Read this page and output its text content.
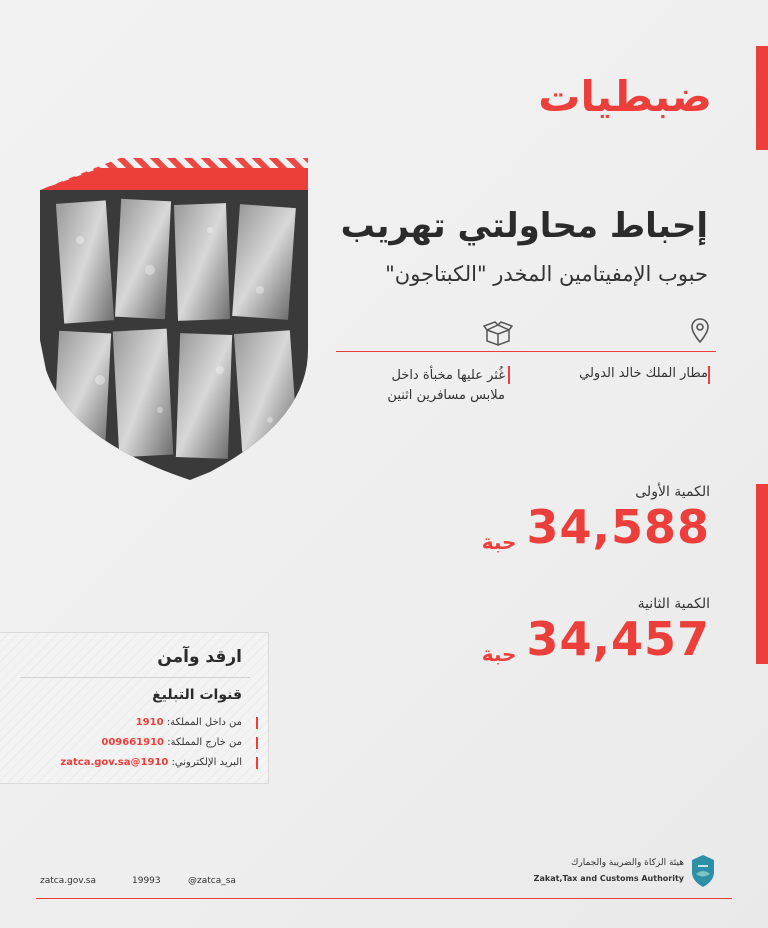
ضبطيات
إحباط محاولتي تهريب
حبوب الإمفيتامين المخدر "الكبتاجون"
مطار الملك خالد الدولي
غُثر عليها مخبأة داخل
ملابس مسافرين اثنين
الكمية الأولى
حبة 34,588
الكمية الثانية
حبة 34,457
ارقد وآمن
قنوات التبليغ
من داخل المملكة: 1910
من خارج المملكة: 009661910
البريد الإلكتروني: 1910@zatca.gov.sa
zatca.gov.sa	19993	@zatca_sa
هيئة الزكاة والضريبة والجمارك
Zakat,Tax and Customs Authority
